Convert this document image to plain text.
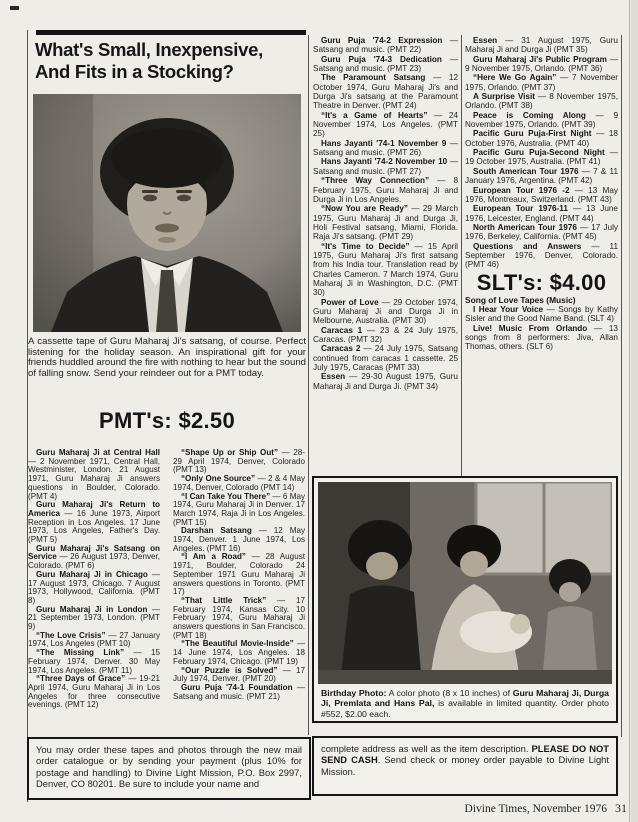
What's Small, Inexpensive,
And Fits in a Stocking?

A cassette tape of Guru Maharaj Ji's satsang, of course. Perfect listening for the holiday season. An inspirational gift for your friends huddled around the fire with nothing to hear but the sound of falling snow. Send your reindeer out for a PMT today.

PMT's: $2.50

Guru Maharaj Ji at Central Hall — 2 November 1971, Central Hall, Westminister, London. 21 August 1971, Guru Maharaj Ji answers questions in Boulder, Colorado. (PMT 4)

Guru Maharaj Ji's Return to America — 16 June 1973, Airport Reception in Los Angeles. 17 June 1973, Los Angeles, Father's Day. (PMT 5)

Guru Maharaj Ji's Satsang on Service — 26 August 1973, Denver, Colorado. (PMT 6)

Guru Maharaj Ji in Chicago — 17 August 1973, Chicago. 7 August 1973, Hollywood, California. (PMT 8)

Guru Maharaj Ji in London — 21 September 1973, London. (PMT 9)

“The Love Crisis” — 27 January 1974, Los Angeles (PMT 10)

“The Missing Link” — 15 February 1974, Denver. 30 May 1974, Los Angeles. (PMT 11)

“Three Days of Grace” — 19-21 April 1974, Guru Maharaj Ji in Los Angeles for three consecutive evenings. (PMT 12)

“Shape Up or Ship Out” — 28-29 April 1974, Denver, Colorado (PMT 13)

“Only One Source” — 2 & 4 May 1974, Denver, Colorado (PMT 14)

“I Can Take You There” — 6 May 1974, Guru Maharaj Ji in Denver. 17 March 1974, Raja Ji in Los Angeles. (PMT 15)

Darshan Satsang — 12 May 1974, Denver. 1 June 1974, Los Angeles. (PMT 16)

“I Am a Road” — 28 August 1971, Boulder, Colorado 24 September 1971 Guru Maharaj Ji answers questions in Toronto. (PMT 17)

“That Little Trick” — 17 February 1974, Kansas City. 10 February 1974, Guru Maharaj Ji answers questions in San Francisco. (PMT 18)

“The Beautiful Movie-Inside” — 14 June 1974, Los Angeles. 18 February 1974, Chicago. (PMT 19)

“Our Puzzle is Solved” — 17 July 1974, Denver. (PMT 20)

Guru Puja '74-1 Foundation — Satsang and music. (PMT 21)

Guru Puja '74-2 Expression — Satsang and music. (PMT 22)

Guru Puja '74-3 Dedication — Satsang and music. (PMT 23)

The Paramount Satsang — 12 October 1974, Guru Maharaj Ji's and Durga Ji's satsang at the Paramount Theatre in Denver. (PMT 24)

“It's a Game of Hearts” — 24 November 1974, Los Angeles. (PMT 25)

Hans Jayanti '74-1 November 9 — Satsang and music. (PMT 26)

Hans Jayanti '74-2 November 10 — Satsang and music. (PMT 27)

“Three Way Connection” — 8 February 1975, Guru Maharaj Ji and Durga Ji in Los Angeles.

“Now You are Ready” — 29 March 1975, Guru Maharaj Ji and Durga Ji, Holi Festival satsang, Miami, Florida. Raja Ji's satsang. (PMT 29)

“It's Time to Decide” — 15 April 1975, Guru Maharaj Ji's first satsang from his India tour. Translation read by Charles Cameron. 7 March 1974, Guru Maharaj Ji in Washington, D.C. (PMT 30)

Power of Love — 29 October 1974, Guru Maharaj Ji and Durga Ji in Melbourne, Australia. (PMT 30)

Caracas 1 — 23 & 24 July 1975, Caracas. (PMT 32)

Caracas 2 — 24 July 1975, Satsang continued from caracas 1 cassette. 25 July 1975, Caracas (PMT 33)

Essen — 29-30 August 1975, Guru Maharaj Ji and Durga Ji. (PMT 34)

Essen — 31 August 1975, Guru Maharaj Ji and Durga Ji (PMT 35)

Guru Maharaj Ji's Public Program — 9 November 1975, Orlando. (PMT 36)

“Here We Go Again” — 7 November 1975, Orlando. (PMT 37)

A Surprise Visit — 8 November 1975, Orlando. (PMT 38)

Peace is Coming Along — 9 November 1975, Orlando. (PMT 39)

Pacific Guru Puja-First Night — 18 October 1976, Australia. (PMT 40)

Pacific Guru Puja-Second Night — 19 October 1975, Australia. (PMT 41)

South American Tour 1976 — 7 & 11 January 1976, Argentina. (PMT 42)

European Tour 1976 -2 — 13 May 1976, Montreaux, Switzerland. (PMT 43)

European Tour 1976-11 — 13 June 1976, Leicester, England. (PMT 44)

North American Tour 1976 — 17 July 1976, Berkeley, California. (PMT 45)

Questions and Answers — 11 September 1976, Denver, Colorado. (PMT 46)

SLT's: $4.00

Song of Love Tapes (Music)

I Hear Your Voice — Songs by Kathy Sisler and the Good Name Band. (SLT 4)

Live! Music From Orlando — 13 songs from 8 performers: Jiva, Allan Thomas, others. (SLT 6)

Birthday Photo: A color photo (8 x 10 inches) of Guru Maharaj Ji, Durga Ji, Premlata and Hans Pal, is available in limited quantity. Order photo #552, $2.00 each.

You may order these tapes and photos through the new mail order catalogue or by sending your payment (plus 10% for postage and handling) to Divine Light Mission, P.O. Box 2997, Denver, CO 80201. Be sure to include your name and
complete address as well as the item description. PLEASE DO NOT SEND CASH. Send check or money order payable to Divine Light Mission.
Divine Times, November 1976 31
